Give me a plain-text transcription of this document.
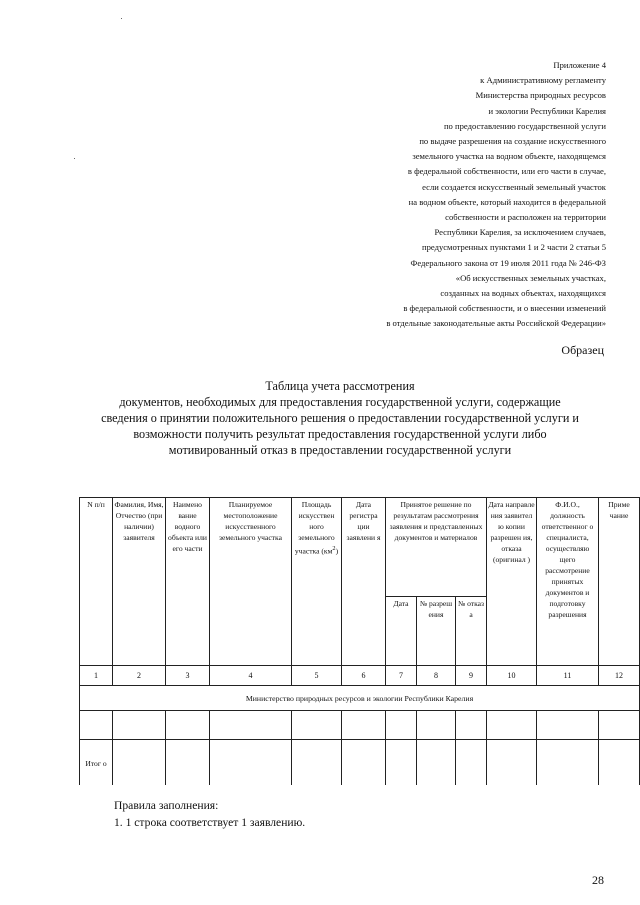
Приложение 4
к Административному регламенту
Министерства природных ресурсов
и экологии Республики Карелия
по предоставлению государственной услуги
по выдаче разрешения на создание искусственного
земельного участка на водном объекте, находящемся
в федеральной собственности, или его части в случае,
если создается искусственный земельный участок
на водном объекте, который находится в федеральной
собственности и расположен на территории
Республики Карелия, за исключением случаев,
предусмотренных пунктами 1 и 2 части 2 статьи 5
Федерального закона от 19 июля 2011 года № 246-ФЗ
«Об искусственных земельных участках,
созданных на водных объектах, находящихся
в федеральной собственности, и о внесении изменений
в отдельные законодательные акты Российской Федерации»
Образец
Таблица учета рассмотрения
документов, необходимых для предоставления государственной услуги, содержащие
сведения о принятии положительного решения о предоставлении государственной услуги и
возможности получить результат предоставления государственной услуги либо
мотивированный отказ в предоставлении государственной услуги
N п/п	Фамилия, Имя, Отчество (при наличии) заявителя	Наимено вание водного объекта или его части	Планируемое местоположение искусственного земельного участка	Площадь искусствен ного земельного участка $(км^2)$	Дата регистра ции заявлени я	Принятое решение по результатам рассмотрения заявления и представленных документов и материалов			Дата направле ния заявител ю копии разрешен ия, отказа (оригинал )	Ф.И.О., должность ответственног о специалиста, осуществляю щего рассмотрение принятых документов и подготовку разрешения	Приме чание
						Дата	№ разреш ения	№ отказ а			
1	2	3	4	5	6	7	8	9	10	11	12
Министерство природных ресурсов и экологии Республики Карелия											

Итог о											
Правила заполнения:
1. 1 строка соответствует 1 заявлению.
28
